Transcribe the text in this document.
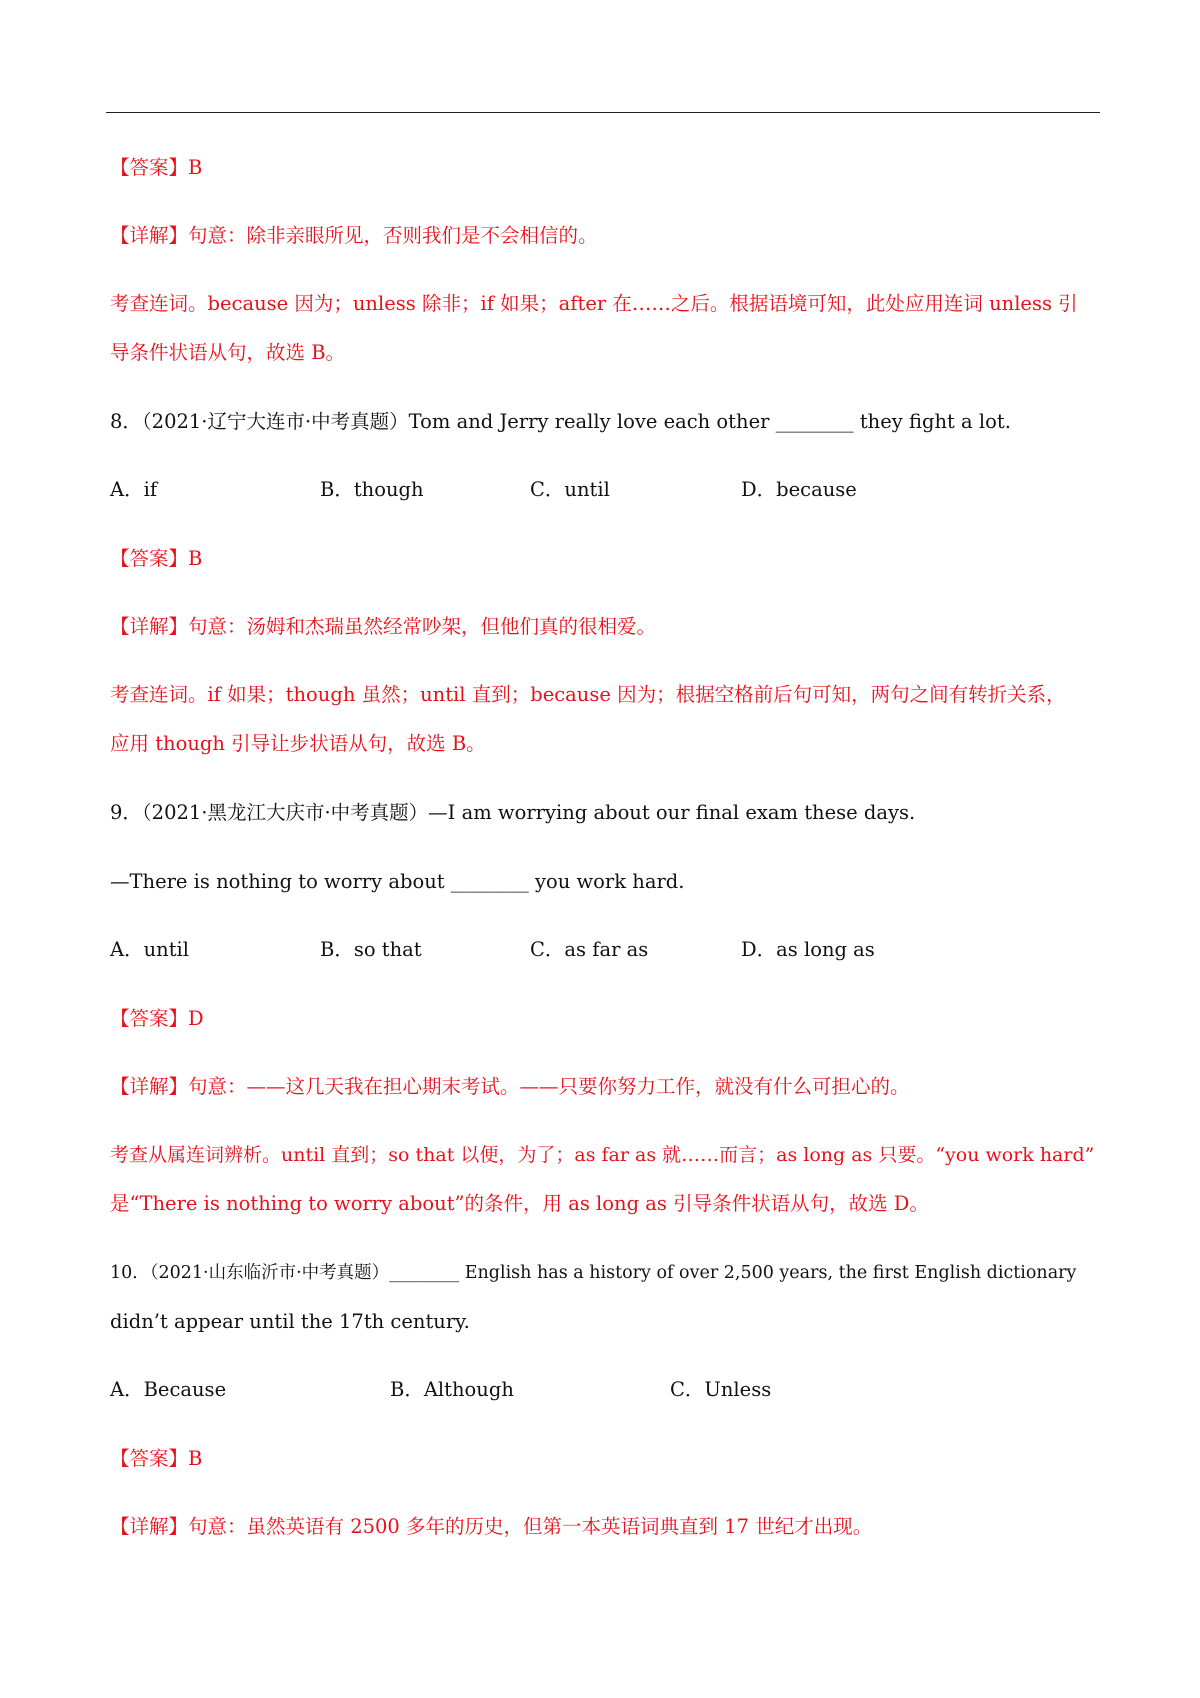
【答案】B
【详解】句意：除非亲眼所见，否则我们是不会相信的。
考查连词。because 因为；unless 除非；if 如果；after 在……之后。根据语境可知，此处应用连词 unless 引
导条件状语从句，故选 B。
8．（2021·辽宁大连市·中考真题）Tom and Jerry really love each other ________ they fight a lot.
A．if	B．though	C．until	D．because
【答案】B
【详解】句意：汤姆和杰瑞虽然经常吵架，但他们真的很相爱。
考查连词。if 如果；though 虽然；until 直到；because 因为；根据空格前后句可知，两句之间有转折关系，
应用 though 引导让步状语从句，故选 B。
9．（2021·黑龙江大庆市·中考真题）—I am worrying about our final exam these days.
—There is nothing to worry about ________ you work hard.
A．until	B．so that	C．as far as	D．as long as
【答案】D
【详解】句意：——这几天我在担心期末考试。——只要你努力工作，就没有什么可担心的。
考查从属连词辨析。until 直到；so that 以便，为了；as far as 就……而言；as long as 只要。“you work hard”
是“There is nothing to worry about”的条件，用 as long as 引导条件状语从句，故选 D。
10．（2021·山东临沂市·中考真题）________ English has a history of over 2,500 years, the first English dictionary
didn’t appear until the 17th century.
A．Because	B．Although	C．Unless
【答案】B
【详解】句意：虽然英语有 2500 多年的历史，但第一本英语词典直到 17 世纪才出现。
